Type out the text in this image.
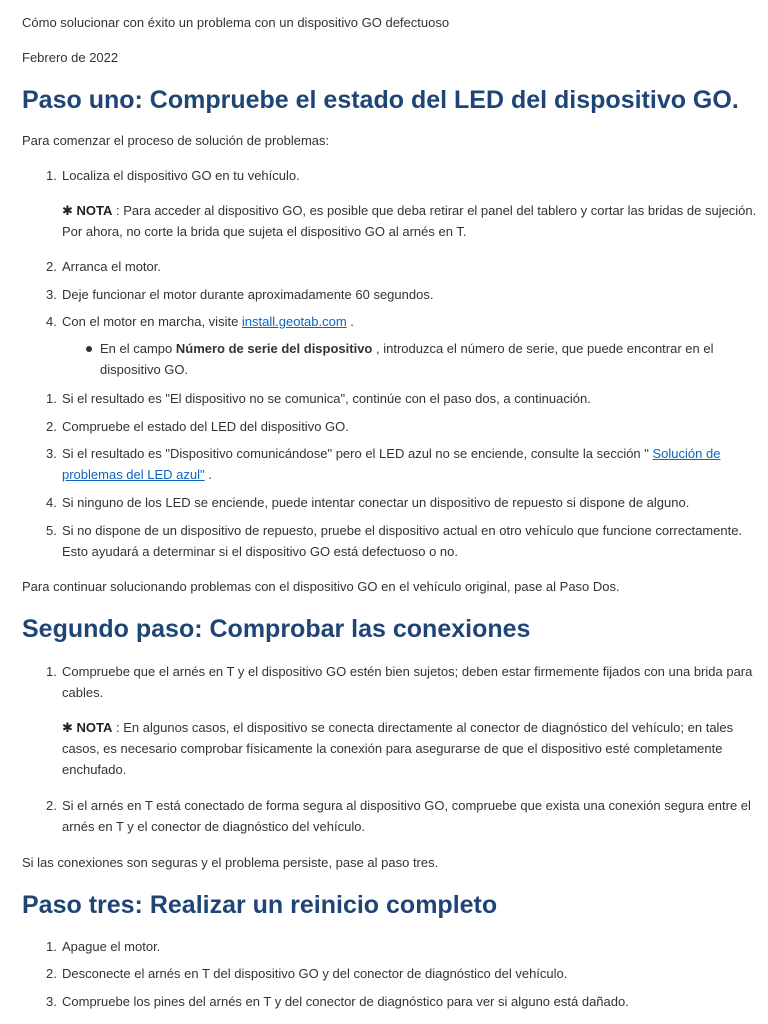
Cómo solucionar con éxito un problema con un dispositivo GO defectuoso

Febrero de 2022

Paso uno: Compruebe el estado del LED del dispositivo GO.

Para comenzar el proceso de solución de problemas:

1. Localiza el dispositivo GO en tu vehículo.
✱ NOTA : Para acceder al dispositivo GO, es posible que deba retirar el panel del tablero y cortar las bridas de sujeción. Por ahora, no corte la brida que sujeta el dispositivo GO al arnés en T.
2. Arranca el motor.
3. Deje funcionar el motor durante aproximadamente 60 segundos.
4. Con el motor en marcha, visite install.geotab.com .
En el campo Número de serie del dispositivo , introduzca el número de serie, que puede encontrar en el dispositivo GO.
1. Si el resultado es "El dispositivo no se comunica", continúe con el paso dos, a continuación.
2. Compruebe el estado del LED del dispositivo GO.
3. Si el resultado es "Dispositivo comunicándose" pero el LED azul no se enciende, consulte la sección " Solución de problemas del LED azul" .
4. Si ninguno de los LED se enciende, puede intentar conectar un dispositivo de repuesto si dispone de alguno.
5. Si no dispone de un dispositivo de repuesto, pruebe el dispositivo actual en otro vehículo que funcione correctamente. Esto ayudará a determinar si el dispositivo GO está defectuoso o no.

Para continuar solucionando problemas con el dispositivo GO en el vehículo original, pase al Paso Dos.

Segundo paso: Comprobar las conexiones
1. Compruebe que el arnés en T y el dispositivo GO estén bien sujetos; deben estar firmemente fijados con una brida para cables.
✱ NOTA : En algunos casos, el dispositivo se conecta directamente al conector de diagnóstico del vehículo; en tales casos, es necesario comprobar físicamente la conexión para asegurarse de que el dispositivo esté completamente enchufado.
2. Si el arnés en T está conectado de forma segura al dispositivo GO, compruebe que exista una conexión segura entre el arnés en T y el conector de diagnóstico del vehículo.

Si las conexiones son seguras y el problema persiste, pase al paso tres.

Paso tres: Realizar un reinicio completo
1. Apague el motor.
2. Desconecte el arnés en T del dispositivo GO y del conector de diagnóstico del vehículo.
3. Compruebe los pines del arnés en T y del conector de diagnóstico para ver si alguno está dañado.
